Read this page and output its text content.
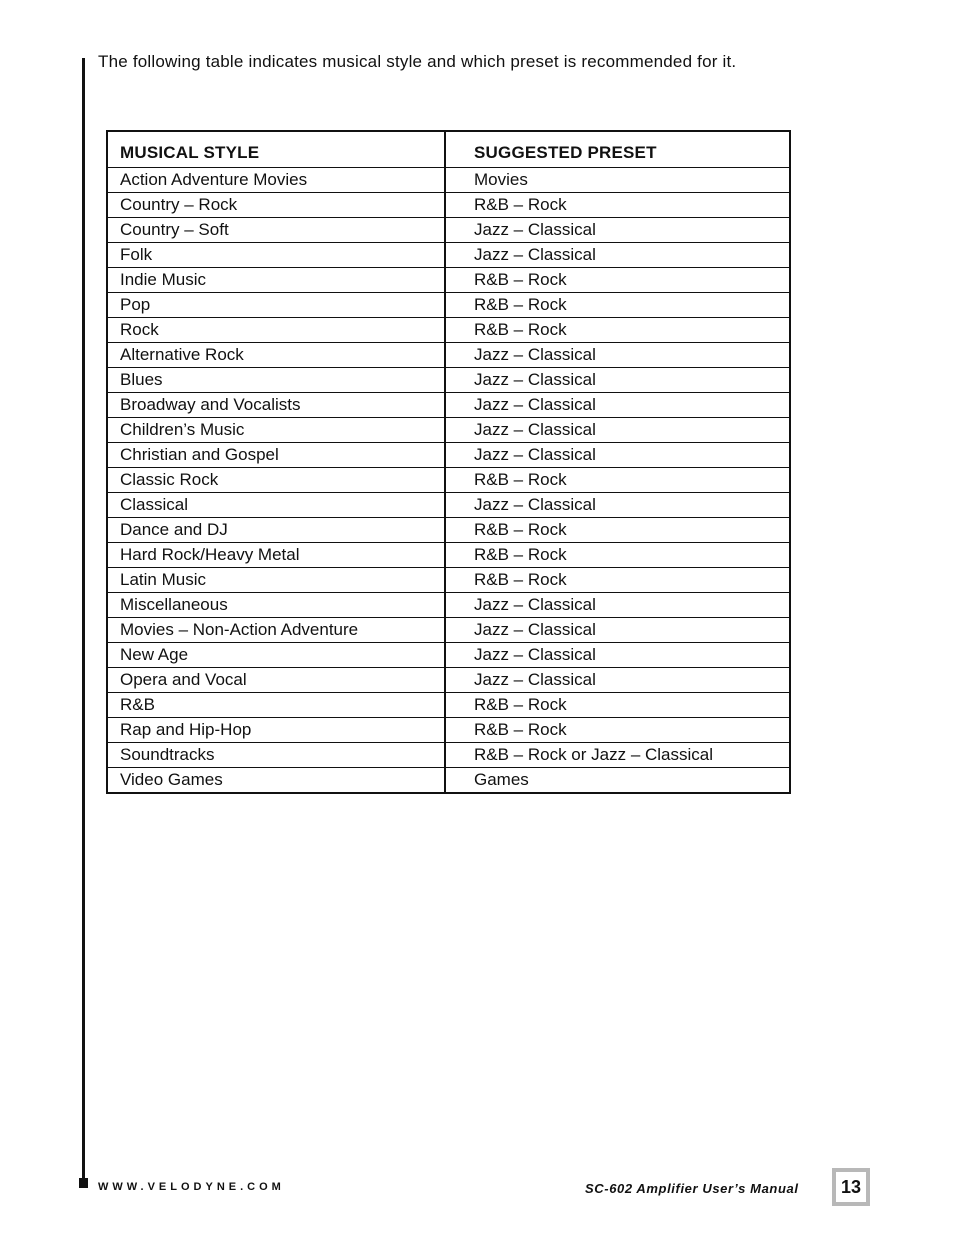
The following table indicates musical style and which preset is recommended for it.
MUSICAL STYLE	SUGGESTED PRESET
Action Adventure Movies	Movies
Country – Rock	R&B – Rock
Country – Soft	Jazz – Classical
Folk	Jazz – Classical
Indie Music	R&B – Rock
Pop	R&B – Rock
Rock	R&B – Rock
Alternative Rock	Jazz – Classical
Blues	Jazz – Classical
Broadway and Vocalists	Jazz – Classical
Children’s Music	Jazz – Classical
Christian and Gospel	Jazz – Classical
Classic Rock	R&B – Rock
Classical	Jazz – Classical
Dance and DJ	R&B – Rock
Hard Rock/Heavy Metal	R&B – Rock
Latin Music	R&B – Rock
Miscellaneous	Jazz – Classical
Movies – Non-Action Adventure	Jazz – Classical
New Age	Jazz – Classical
Opera and Vocal	Jazz – Classical
R&B	R&B – Rock
Rap and Hip-Hop	R&B – Rock
Soundtracks	R&B – Rock or Jazz – Classical
Video Games	Games
WWW.VELODYNE.COM	SC-602 Amplifier User’s Manual 13
